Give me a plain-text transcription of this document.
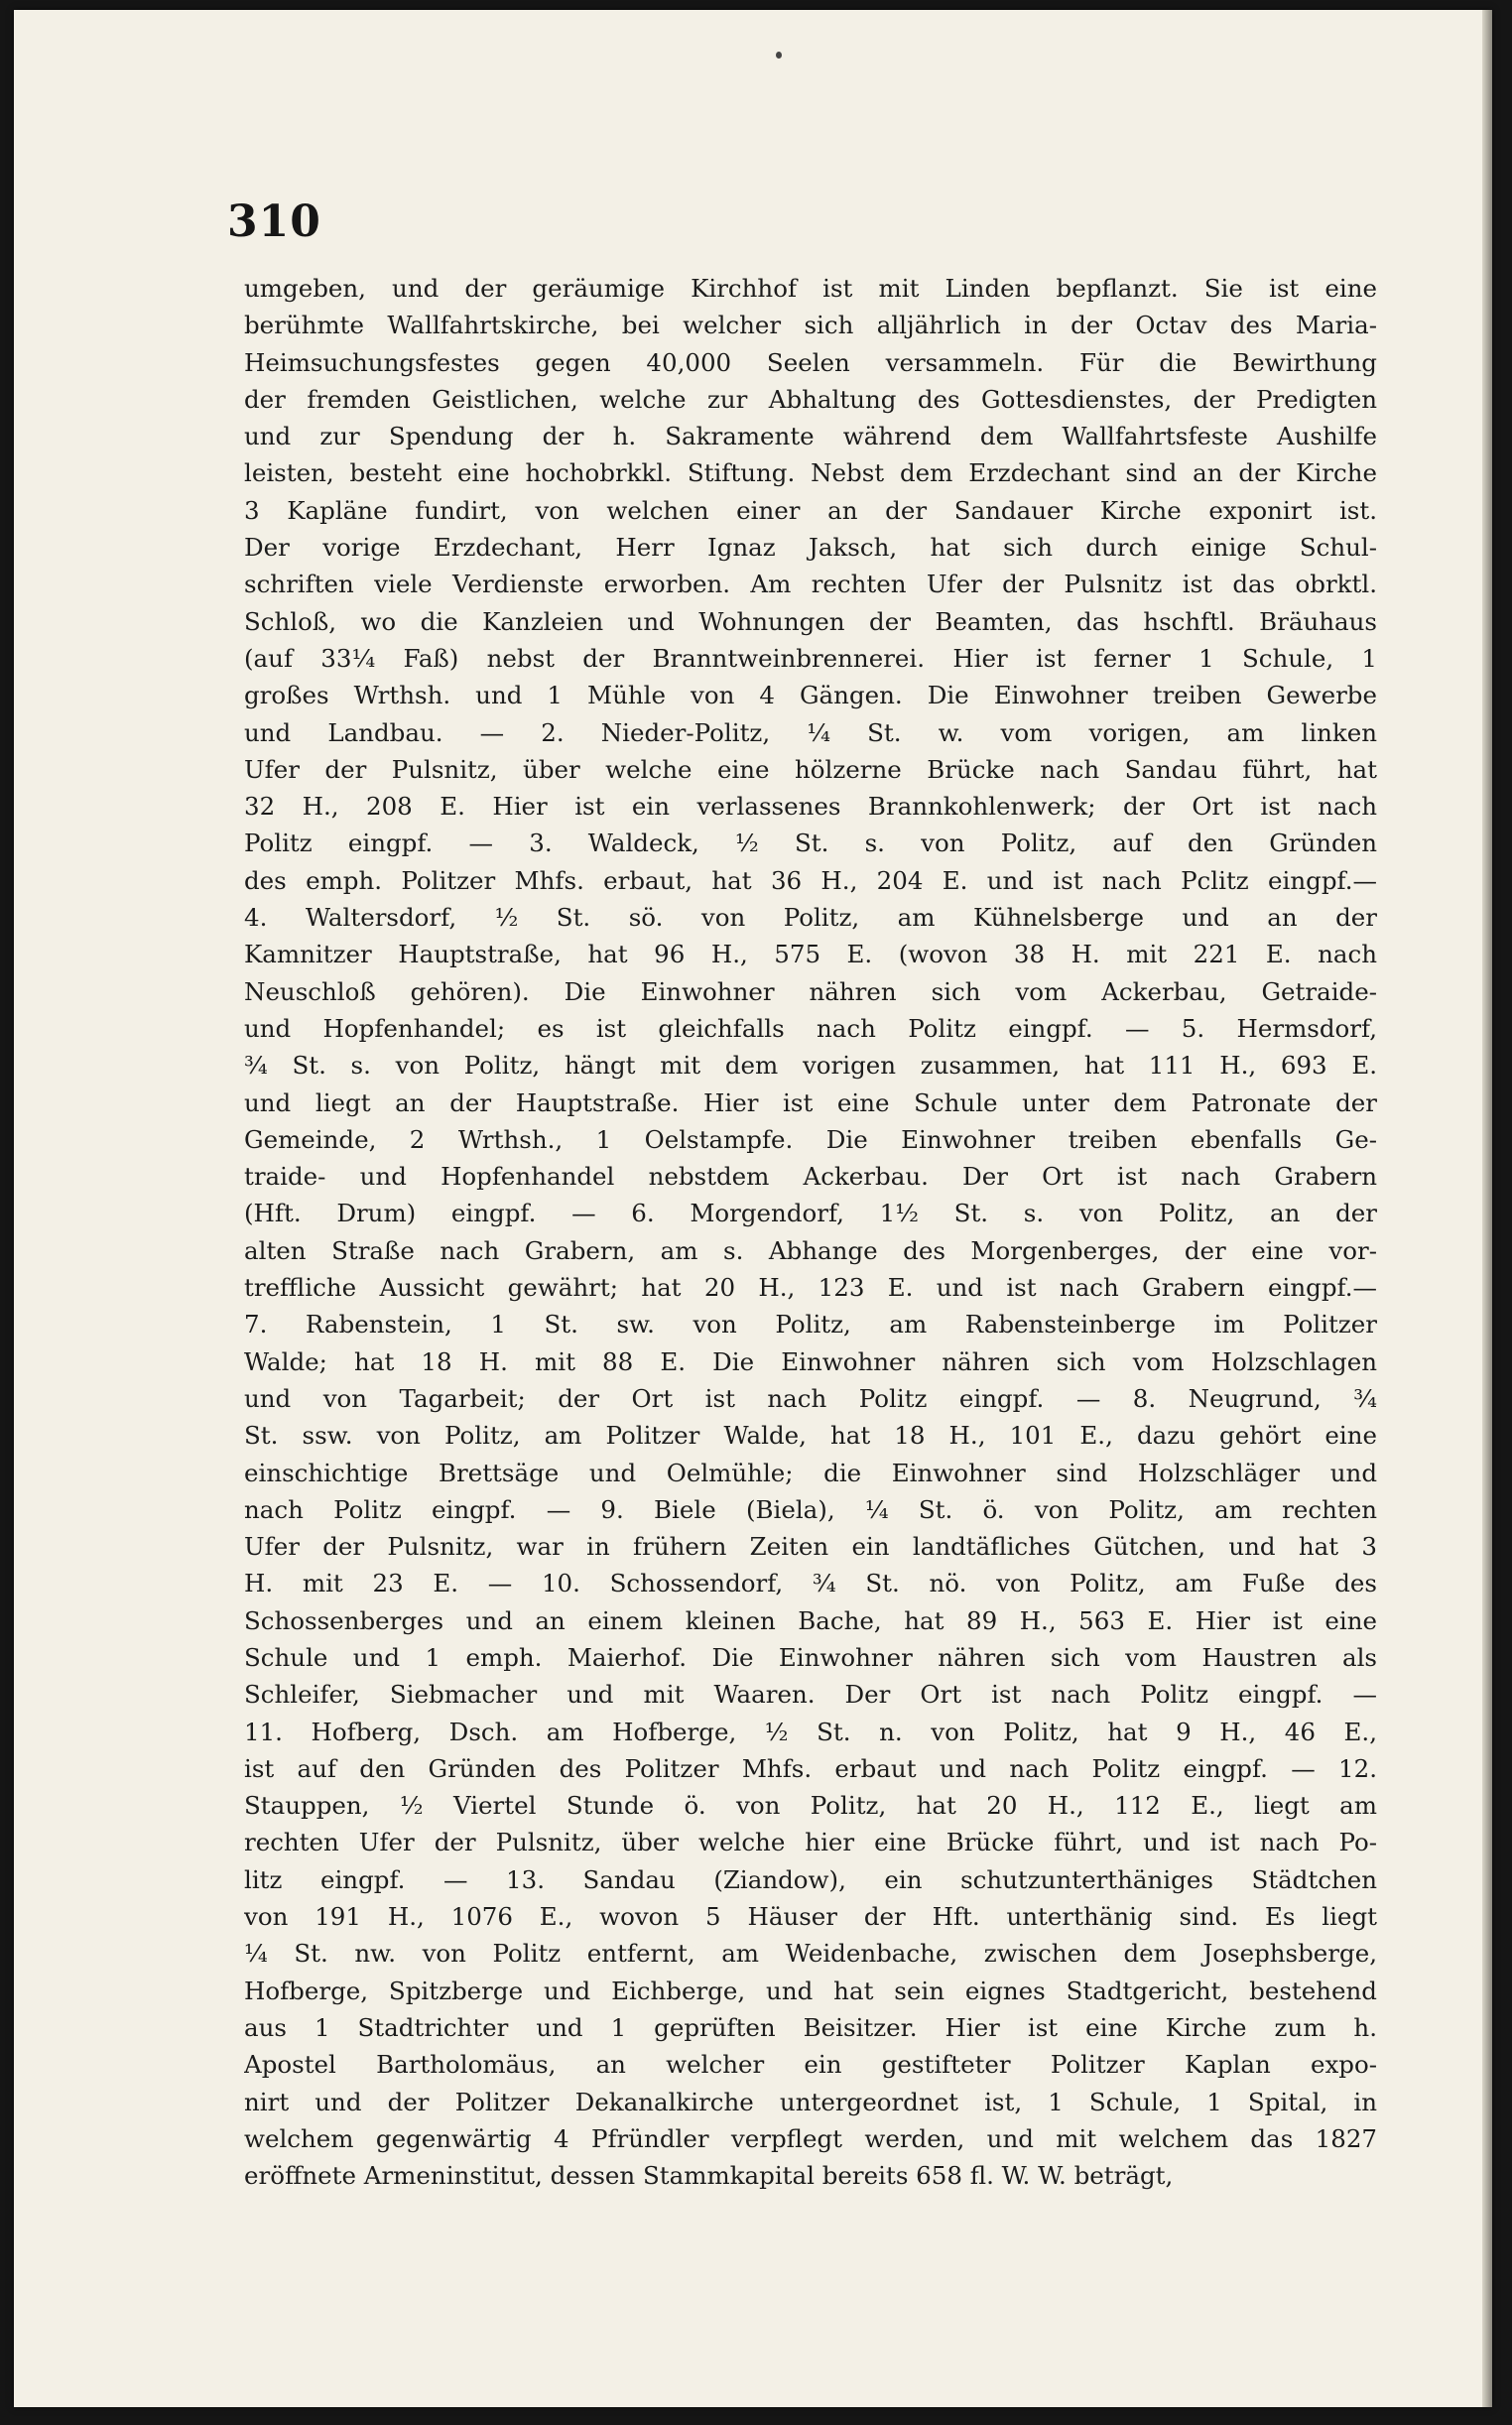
310
umgeben, und der geräumige Kirchhof ist mit Linden bepflanzt. Sie ist eine
berühmte Wallfahrtskirche, bei welcher sich alljährlich in der Octav des Maria-
Heimsuchungsfestes gegen 40,000 Seelen versammeln. Für die Bewirthung
der fremden Geistlichen, welche zur Abhaltung des Gottesdienstes, der Predigten
und zur Spendung der h. Sakramente während dem Wallfahrtsfeste Aushilfe
leisten, besteht eine hochobrkkl. Stiftung. Nebst dem Erzdechant sind an der Kirche
3 Kapläne fundirt, von welchen einer an der Sandauer Kirche exponirt ist.
Der vorige Erzdechant, Herr Ignaz Jaksch, hat sich durch einige Schul-
schriften viele Verdienste erworben. Am rechten Ufer der Pulsnitz ist das obrktl.
Schloß, wo die Kanzleien und Wohnungen der Beamten, das hschftl. Bräuhaus
(auf 33¼ Faß) nebst der Branntweinbrennerei. Hier ist ferner 1 Schule, 1
großes Wrthsh. und 1 Mühle von 4 Gängen. Die Einwohner treiben Gewerbe
und Landbau. — 2. Nieder-Politz, ¼ St. w. vom vorigen, am linken
Ufer der Pulsnitz, über welche eine hölzerne Brücke nach Sandau führt, hat
32 H., 208 E. Hier ist ein verlassenes Brannkohlenwerk; der Ort ist nach
Politz eingpf. — 3. Waldeck, ½ St. s. von Politz, auf den Gründen
des emph. Politzer Mhfs. erbaut, hat 36 H., 204 E. und ist nach Pclitz eingpf.—
4. Waltersdorf, ½ St. sö. von Politz, am Kühnelsberge und an der
Kamnitzer Hauptstraße, hat 96 H., 575 E. (wovon 38 H. mit 221 E. nach
Neuschloß gehören). Die Einwohner nähren sich vom Ackerbau, Getraide-
und Hopfenhandel; es ist gleichfalls nach Politz eingpf. — 5. Hermsdorf,
¾ St. s. von Politz, hängt mit dem vorigen zusammen, hat 111 H., 693 E.
und liegt an der Hauptstraße. Hier ist eine Schule unter dem Patronate der
Gemeinde, 2 Wrthsh., 1 Oelstampfe. Die Einwohner treiben ebenfalls Ge-
traide- und Hopfenhandel nebstdem Ackerbau. Der Ort ist nach Grabern
(Hft. Drum) eingpf. — 6. Morgendorf, 1½ St. s. von Politz, an der
alten Straße nach Grabern, am s. Abhange des Morgenberges, der eine vor-
treffliche Aussicht gewährt; hat 20 H., 123 E. und ist nach Grabern eingpf.—
7. Rabenstein, 1 St. sw. von Politz, am Rabensteinberge im Politzer
Walde; hat 18 H. mit 88 E. Die Einwohner nähren sich vom Holzschlagen
und von Tagarbeit; der Ort ist nach Politz eingpf. — 8. Neugrund, ¾
St. ssw. von Politz, am Politzer Walde, hat 18 H., 101 E., dazu gehört eine
einschichtige Brettsäge und Oelmühle; die Einwohner sind Holzschläger und
nach Politz eingpf. — 9. Biele (Biela), ¼ St. ö. von Politz, am rechten
Ufer der Pulsnitz, war in frühern Zeiten ein landtäfliches Gütchen, und hat 3
H. mit 23 E. — 10. Schossendorf, ¾ St. nö. von Politz, am Fuße des
Schossenberges und an einem kleinen Bache, hat 89 H., 563 E. Hier ist eine
Schule und 1 emph. Maierhof. Die Einwohner nähren sich vom Haustren als
Schleifer, Siebmacher und mit Waaren. Der Ort ist nach Politz eingpf. —
11. Hofberg, Dsch. am Hofberge, ½ St. n. von Politz, hat 9 H., 46 E.,
ist auf den Gründen des Politzer Mhfs. erbaut und nach Politz eingpf. — 12.
Stauppen, ½ Viertel Stunde ö. von Politz, hat 20 H., 112 E., liegt am
rechten Ufer der Pulsnitz, über welche hier eine Brücke führt, und ist nach Po-
litz eingpf. — 13. Sandau (Ziandow), ein schutzunterthäniges Städtchen
von 191 H., 1076 E., wovon 5 Häuser der Hft. unterthänig sind. Es liegt
¼ St. nw. von Politz entfernt, am Weidenbache, zwischen dem Josephsberge,
Hofberge, Spitzberge und Eichberge, und hat sein eignes Stadtgericht, bestehend
aus 1 Stadtrichter und 1 geprüften Beisitzer. Hier ist eine Kirche zum h.
Apostel Bartholomäus, an welcher ein gestifteter Politzer Kaplan expo-
nirt und der Politzer Dekanalkirche untergeordnet ist, 1 Schule, 1 Spital, in
welchem gegenwärtig 4 Pfründler verpflegt werden, und mit welchem das 1827
eröffnete Armeninstitut, dessen Stammkapital bereits 658 fl. W. W. beträgt,
